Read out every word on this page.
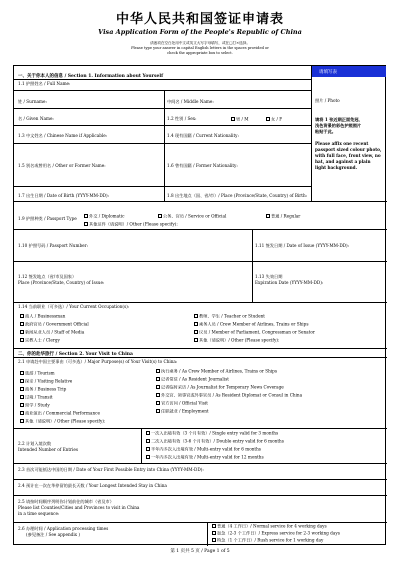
中华人民共和国签证申请表
Visa Application Form of the People's Republic of China
请逐项在空白处用中文或英文大写字母填写，或在□打×选择。
Please type your answer in capital English letters in the spaces provided or
check the appropriate box to select.
请填写表
一、关于你本人的信息 / Section 1. Information about Yourself
1.1 护照姓名 / Full Name:
姓 / Surname:	中间名 / Middle Name:
名 / Given Name:	1.2 性别 / Sex:	男 / M	女 / F
1.3 中文姓名 / Chinese Name if Applicable:	1.4 现有国籍 / Current Nationality:
1.5 别名或曾用名 / Other or Former Name:	1.6 曾有国籍 / Former Nationality:
1.7 出生日期 / Date of Birth (YYYY-MM-DD):	1.8 出生地点（国、省/市）/ Place (Province/State, Country) of Birth:
照片 / Photo
请将 1 张近期正面免冠、
浅色背景的彩色护照照片
粘贴于此。
Please affix one recent
passport sized colour photo,
with full face, front view, no
hat, and against a plain
light background.
1.9 护照种类 / Passport Type	外交 / Diplomatic	公务、官员 / Service or Official	普通 / Regular
其他证件（请说明）/ Other (Please specify):
1.10 护照号码 / Passport Number:	1.11 签发日期 / Date of Issue (YYYY-MM-DD):
1.12 签发地点（省/市及国家）
Place (Province/State, Country) of Issue:
1.13 失效日期
Expiration Date (YYYY-MM-DD):
1.14 当前职业（可多选）/ Your Current Occupation(s):
商人 / Businessman
政府官员 / Government Official
新闻从业人员 / Staff of Media
宗教人士 / Clergy
教师、学生 / Teacher or Student
乘务人员 / Crew Member of Airlines, Trains or Ships
议员 / Member of Parliament, Congressman or Senator
其他（请说明）/ Other (Please specify):
二、你的赴华旅行 / Section 2. Your Visit to China
2.1 申请赴中国主要事由（可多选）/ Major Purpose(s) of Your Visit(s) to China:
旅游 / Tourism
探亲 / Visiting Relative
商务 / Business Trip
过境 / Transit
留学 / Study
商业演出 / Commercial Performance
其他（请说明）/ Other (Please specify):
执行乘务 / As Crew Member of Airlines, Trains or Ships
记者常驻 / As Resident Journalist
记者临时采访 / As Journalist for Temporary News Coverage
外交官、领事官或外事官员 / As Resident Diplomat or Consul in China
官方访问 / Official Visit
任职就业 / Employment
2.2 计划入境次数
Intended Number of Entries
一次入出境有效（3 个月有效）/ Single entry valid for 3 months
二次入出境有效（3-6 个月有效）/ Double entry valid for 6 months
半年内多次入出境有效 / Multi-entry valid for 6 months
一年内多次入出境有效 / Multi-entry valid for 12 months
2.3 首次可能抵达中国的日期 / Date of Your First Possible Entry into China (YYYY-MM-DD):
2.4 预计在一次在华停留的最长天数 / Your Longest Intended Stay in China
2.5 请按时间顺序列明你计划前往的城市（省及市）
Please list Counties/Cities and Provinces to visit in China
in a time sequence:
2.6 办理时间 / Application processing times
(参见备注 / See appendix )
普通（4 工作日）/ Normal service for 4 working days
加急（2-3 个工作日）/ Express service for 2-3 working days
特急（1 个工作日）/ Rush service for 1 working day
第 1 页共 5 页 / Page 1 of 5
